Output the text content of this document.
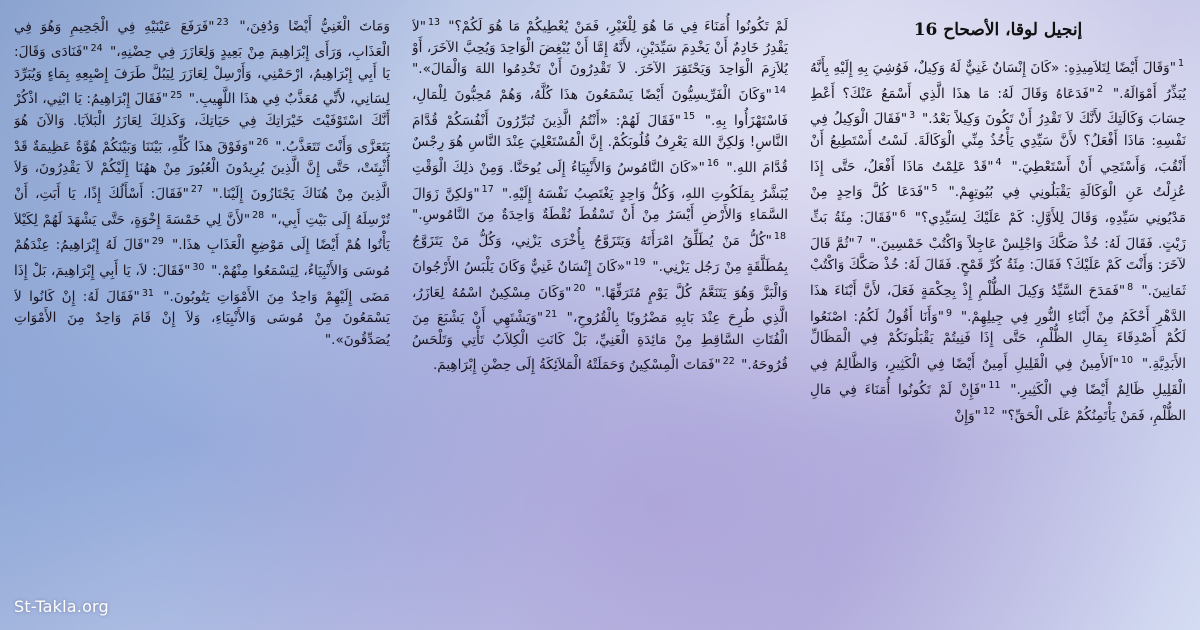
إنجيل لوقا، الأصحاح 16
$^1$"وَقَالَ أَيْضًا لِتَلاَمِيذِهِ: «كَانَ إِنْسَانٌ غَنِيٌّ لَهُ وَكِيلٌ، فَوُشِيَ بِهِ إِلَيْهِ بِأَنَّهُ يُبَذِّرُ أَمْوَالَهُ." $^2$"فَدَعَاهُ وَقَالَ لَهُ: مَا هذَا الَّذِي أَسْمَعُ عَنْكَ؟ أَعْطِ حِسَابَ وَكَالَتِكَ لأَنَّكَ لاَ تَقْدِرُ أَنْ تَكُونَ وَكِيلاً بَعْدُ." $^3$"فَقَالَ الْوَكِيلُ فِي نَفْسِهِ: مَاذَا أَفْعَلُ؟ لأَنَّ سَيِّدِي يَأْخُذُ مِنِّي الْوَكَالَةَ. لَسْتُ أَسْتَطِيعُ أَنْ أَنْقُبَ، وَأَسْتَحِي أَنْ أَسْتَعْطِيَ." $^4$"قَدْ عَلِمْتُ مَاذَا أَفْعَلُ، حَتَّى إِذَا عُزِلْتُ عَنِ الْوَكَالَةِ يَقْبَلُونِي فِي بُيُوتِهِمْ." $^5$"فَدَعَا كُلَّ وَاحِدٍ مِنْ مَدْيُونِي سَيِّدِهِ، وَقَالَ لِلأَوَّلِ: كَمْ عَلَيْكَ لِسَيِّدِي؟" $^6$"فَقَالَ: مِئَةُ بَثِّ زَيْتٍ. فَقَالَ لَهُ: خُذْ صَكَّكَ وَاجْلِسْ عَاجِلاً وَاكْتُبْ خَمْسِينَ." $^7$"ثُمَّ قَالَ لآخَرَ: وَأَنْتَ كَمْ عَلَيْكَ؟ فَقَالَ: مِئَةُ كُرِّ قَمْحٍ. فَقَالَ لَهُ: خُذْ صَكَّكَ وَاكْتُبْ ثَمَانِينَ." $^8$"فَمَدَحَ السَّيِّدُ وَكِيلَ الظُّلْمِ إِذْ بِحِكْمَةٍ فَعَلَ، لأَنَّ أَبْنَاءَ هذَا الدَّهْرِ أَحْكَمُ مِنْ أَبْنَاءِ النُّورِ فِي جِيلِهِمْ." $^9$"وَأَنَا أَقُولُ لَكُمُ: اصْنَعُوا لَكُمْ أَصْدِقَاءَ بِمَالِ الظُّلْمِ، حَتَّى إِذَا فَنِيتُمْ يَقْبَلُونَكُمْ فِي الْمَظَالِّ الأَبَدِيَّةِ." $^{10}$"اَلأَمِينُ فِي الْقَلِيلِ أَمِينٌ أَيْضًا فِي الْكَثِيرِ، وَالظَّالِمُ فِي الْقَلِيلِ ظَالِمٌ أَيْضًا فِي الْكَثِيرِ." $^{11}$"فَإِنْ لَمْ تَكُونُوا أُمَنَاءَ فِي مَالِ الظُّلْمِ، فَمَنْ يَأْتَمِنُكُمْ عَلَى الْحَقِّ؟" $^{12}$"وَإِنْ
لَمْ تَكُونُوا أُمَنَاءَ فِي مَا هُوَ لِلْغَيْرِ، فَمَنْ يُعْطِيكُمْ مَا هُوَ لَكُمْ؟" $^{13}$"لاَ يَقْدِرُ خَادِمٌ أَنْ يَخْدِمَ سَيِّدَيْنِ، لأَنَّهُ إِمَّا أَنْ يُبْغِضَ الْوَاحِدَ وَيُحِبَّ الآخَرَ، أَوْ يُلاَزِمَ الْوَاحِدَ وَيَحْتَقِرَ الآخَرَ. لاَ تَقْدِرُونَ أَنْ تَخْدِمُوا اللهَ وَالْمَالَ»." $^{14}$"وَكَانَ الْفَرِّيسِيُّونَ أَيْضًا يَسْمَعُونَ هذَا كُلَّهُ، وَهُمْ مُحِبُّونَ لِلْمَالِ، فَاسْتَهْزَأُوا بِهِ." $^{15}$"فَقَالَ لَهُمْ: «أَنْتُمُ الَّذِينَ تُبَرِّرُونَ أَنْفُسَكُمْ قُدَّامَ النَّاسِ! وَلكِنَّ اللهَ يَعْرِفُ قُلُوبَكُمْ. إِنَّ الْمُسْتَعْلِيَ عِنْدَ النَّاسِ هُوَ رِجْسٌ قُدَّامَ اللهِ." $^{16}$"«كَانَ النَّامُوسُ وَالأَنْبِيَاءُ إِلَى يُوحَنَّا. وَمِنْ ذلِكَ الْوَقْتِ يُبَشَّرُ بِمَلَكُوتِ اللهِ، وَكُلُّ وَاحِدٍ يَغْتَصِبُ نَفْسَهُ إِلَيْهِ." $^{17}$"وَلكِنَّ زَوَالَ السَّمَاءِ وَالأَرْضِ أَيْسَرُ مِنْ أَنْ تَسْقُطَ نُقْطَةٌ وَاحِدَةٌ مِنَ النَّامُوسِ." $^{18}$"كُلُّ مَنْ يُطَلِّقُ امْرَأَتَهُ وَيَتَزَوَّجُ بِأُخْرَى يَزْنِي، وَكُلُّ مَنْ يَتَزَوَّجُ بِمُطَلَّقَةٍ مِنْ رَجُل يَزْنِي." $^{19}$"«كَانَ إِنْسَانٌ غَنِيٌّ وَكَانَ يَلْبَسُ الأَرْجُوانَ وَالْبَزَّ وَهُوَ يَتَنَعَّمُ كُلَّ يَوْمٍ مُتَرَفِّهًا." $^{20}$"وَكَانَ مِسْكِينٌ اسْمُهُ لِعَازَرُ، الَّذِي طُرِحَ عِنْدَ بَابِهِ مَضْرُوبًا بِالْقُرُوحِ،" $^{21}$"وَيَشْتَهِي أَنْ يَشْبَعَ مِنَ الْفُتَاتِ السَّاقِطِ مِنْ مَائِدَةِ الْغَنِيِّ، بَلْ كَانَتِ الْكِلاَبُ تَأْتِي وَتَلْحَسُ قُرُوحَهُ." $^{22}$"فَمَاتَ الْمِسْكِينُ وَحَمَلَتْهُ الْمَلاَئِكَةُ إِلَى حِضْنِ إِبْرَاهِيمَ.
وَمَاتَ الْغَنِيُّ أَيْضًا وَدُفِنَ،" $^{23}$"فَرَفَعَ عَيْنَيْهِ فِي الْجَحِيمِ وَهُوَ فِي الْعَذَابِ، وَرَأَى إِبْرَاهِيمَ مِنْ بَعِيدٍ وَلِعَازَرَ فِي حِضْنِهِ،" $^{24}$"فَنَادَى وَقَالَ: يَا أَبِي إِبْرَاهِيمُ، ارْحَمْنِي، وَأَرْسِلْ لِعَازَرَ لِيَبُلَّ طَرَفَ إِصْبِعِهِ بِمَاءٍ وَيُبَرِّدَ لِسَانِي، لأَنِّي مُعَذَّبٌ فِي هذَا اللَّهِيبِ." $^{25}$"فَقَالَ إِبْرَاهِيمُ: يَا ابْنِي، اذْكُرْ أَنَّكَ اسْتَوْفَيْتَ خَيْرَاتِكَ فِي حَيَاتِكَ، وَكَذلِكَ لِعَازَرُ الْبَلاَيَا. وَالآنَ هُوَ يَتَعَزَّى وَأَنْتَ تَتَعَذَّبُ." $^{26}$"وَفَوْقَ هذَا كُلِّهِ، بَيْنَنَا وَبَيْنَكُمْ هُوَّةٌ عَظِيمَةٌ قَدْ أُثْبِتَتْ، حَتَّى إِنَّ الَّذِينَ يُرِيدُونَ الْعُبُورَ مِنْ ههُنَا إِلَيْكُمْ لاَ يَقْدِرُونَ، وَلاَ الَّذِينَ مِنْ هُنَاكَ يَجْتَازُونَ إِلَيْنَا." $^{27}$"فَقَالَ: أَسْأَلُكَ إِذًا، يَا أَبَتِ، أَنْ تُرْسِلَهُ إِلَى بَيْتِ أَبِي،" $^{28}$"لأَنَّ لِي خَمْسَةَ إِخْوَةٍ، حَتَّى يَشْهَدَ لَهُمْ لِكَيْلاَ يَأْتُوا هُمْ أَيْضًا إِلَى مَوْضِعِ الْعَذَابِ هذَا." $^{29}$"قَالَ لَهُ إِبْرَاهِيمُ: عِنْدَهُمْ مُوسَى وَالأَنْبِيَاءُ، لِيَسْمَعُوا مِنْهُمْ." $^{30}$"فَقَالَ: لاَ، يَا أَبِي إِبْرَاهِيمَ، بَلْ إِذَا مَضَى إِلَيْهِمْ وَاحِدٌ مِنَ الأَمْوَاتِ يَتُوبُونَ." $^{31}$"فَقَالَ لَهُ: إِنْ كَانُوا لاَ يَسْمَعُونَ مِنْ مُوسَى وَالأَنْبِيَاءِ، وَلاَ إِنْ قَامَ وَاحِدٌ مِنَ الأَمْوَاتِ يُصَدِّقُونَ»."
St-Takla.org
